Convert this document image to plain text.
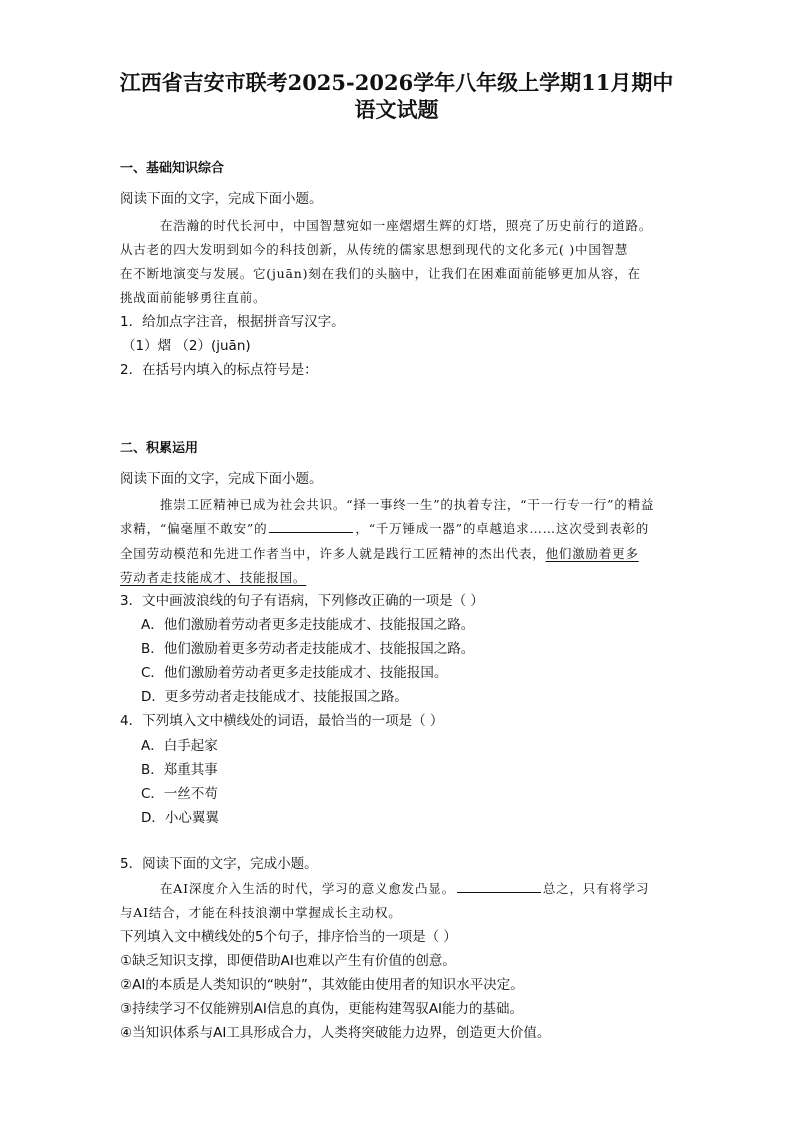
江西省吉安市联考2025-2026学年八年级上学期11月期中
语文试题
一、基础知识综合
阅读下面的文字，完成下面小题。
在浩瀚的时代长河中，中国智慧宛如一座熠熠生辉的灯塔，照亮了历史前行的道路。
从古老的四大发明到如今的科技创新，从传统的儒家思想到现代的文化多元( )中国智慧
在不断地演变与发展。它(juān)刻在我们的头脑中，让我们在困难面前能够更加从容，在
挑战面前能够勇往直前。
1．给加点字注音，根据拼音写汉字。
（1）熠 （2）(juān)
2．在括号内填入的标点符号是：
二、积累运用
阅读下面的文字，完成下面小题。
推崇工匠精神已成为社会共识。“择一事终一生”的执着专注，“干一行专一行”的精益
求精，“偏毫厘不敢安”的	，“千万锤成一器”的卓越追求……这次受到表彰的
全国劳动模范和先进工作者当中，许多人就是践行工匠精神的杰出代表，他们激励着更多
劳动者走技能成才、技能报国。
3．文中画波浪线的句子有语病，下列修改正确的一项是（ ）
A．他们激励着劳动者更多走技能成才、技能报国之路。
B．他们激励着更多劳动者走技能成才、技能报国之路。
C．他们激励着劳动者更多走技能成才、技能报国。
D．更多劳动者走技能成才、技能报国之路。
4．下列填入文中横线处的词语，最恰当的一项是（ ）
A．白手起家
B．郑重其事
C．一丝不苟
D．小心翼翼
5．阅读下面的文字，完成小题。
在AI深度介入生活的时代，学习的意义愈发凸显。	总之，只有将学习
与AI结合，才能在科技浪潮中掌握成长主动权。
下列填入文中横线处的5个句子，排序恰当的一项是（ ）
①缺乏知识支撑，即便借助AI也难以产生有价值的创意。
②AI的本质是人类知识的“映射”，其效能由使用者的知识水平决定。
③持续学习不仅能辨别AI信息的真伪，更能构建驾驭AI能力的基础。
④当知识体系与AI工具形成合力，人类将突破能力边界，创造更大价值。
